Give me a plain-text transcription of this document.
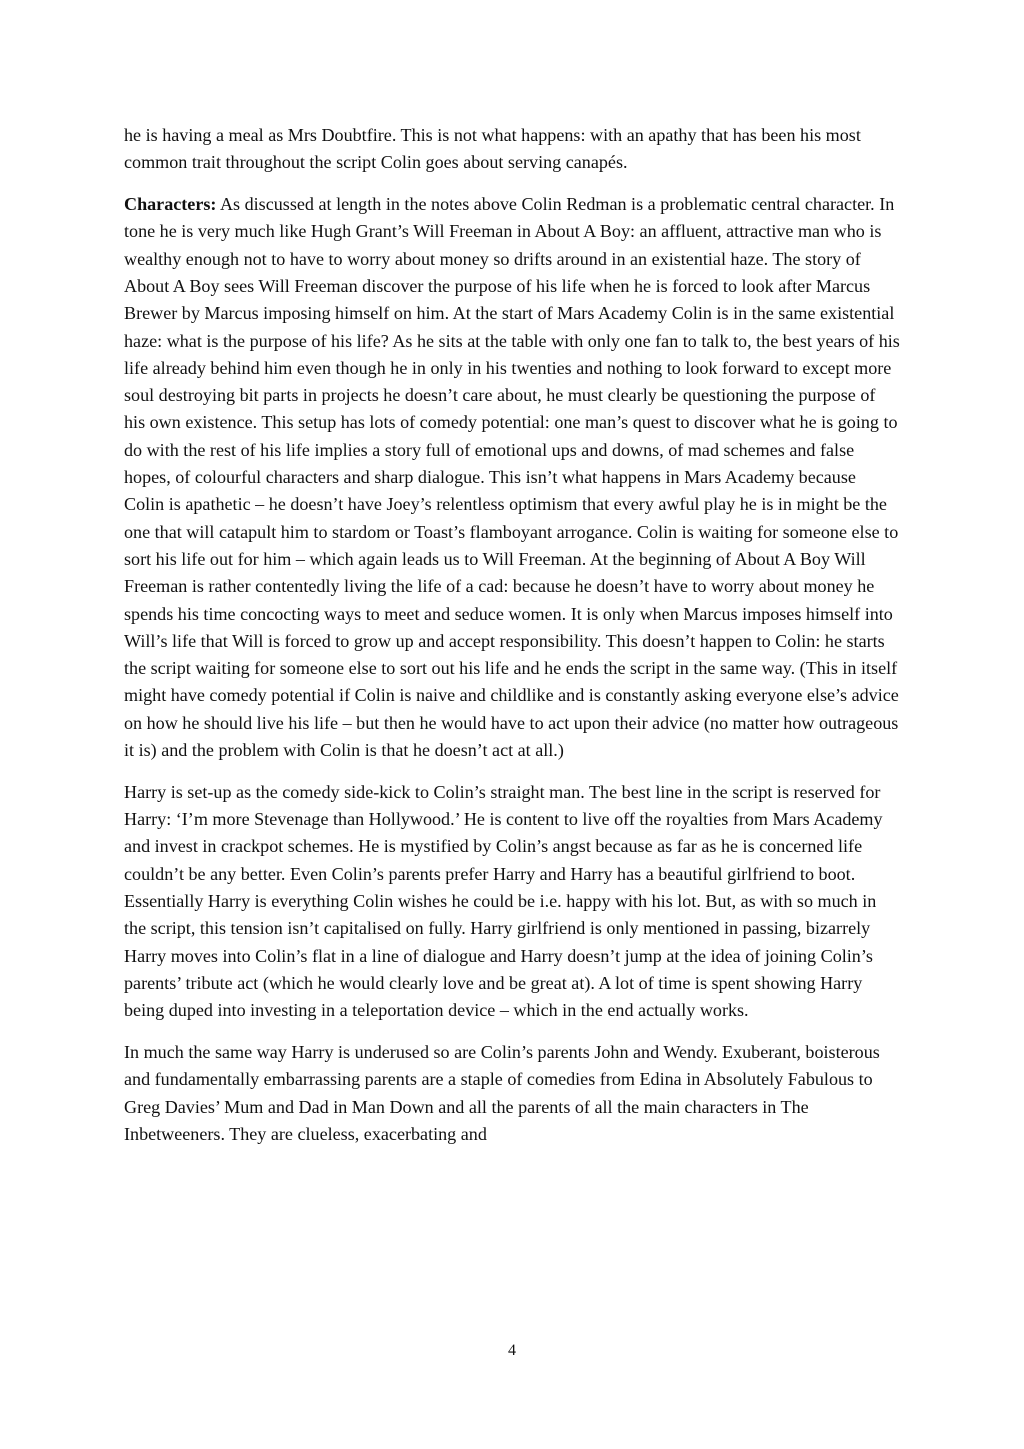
he is having a meal as Mrs Doubtfire. This is not what happens: with an apathy that has been his most common trait throughout the script Colin goes about serving canapés.

Characters: As discussed at length in the notes above Colin Redman is a problematic central character. In tone he is very much like Hugh Grant’s Will Freeman in About A Boy: an affluent, attractive man who is wealthy enough not to have to worry about money so drifts around in an existential haze. The story of About A Boy sees Will Freeman discover the purpose of his life when he is forced to look after Marcus Brewer by Marcus imposing himself on him. At the start of Mars Academy Colin is in the same existential haze: what is the purpose of his life? As he sits at the table with only one fan to talk to, the best years of his life already behind him even though he in only in his twenties and nothing to look forward to except more soul destroying bit parts in projects he doesn’t care about, he must clearly be questioning the purpose of his own existence. This setup has lots of comedy potential: one man’s quest to discover what he is going to do with the rest of his life implies a story full of emotional ups and downs, of mad schemes and false hopes, of colourful characters and sharp dialogue. This isn’t what happens in Mars Academy because Colin is apathetic – he doesn’t have Joey’s relentless optimism that every awful play he is in might be the one that will catapult him to stardom or Toast’s flamboyant arrogance. Colin is waiting for someone else to sort his life out for him – which again leads us to Will Freeman. At the beginning of About A Boy Will Freeman is rather contentedly living the life of a cad: because he doesn’t have to worry about money he spends his time concocting ways to meet and seduce women. It is only when Marcus imposes himself into Will’s life that Will is forced to grow up and accept responsibility. This doesn’t happen to Colin: he starts the script waiting for someone else to sort out his life and he ends the script in the same way. (This in itself might have comedy potential if Colin is naive and childlike and is constantly asking everyone else’s advice on how he should live his life – but then he would have to act upon their advice (no matter how outrageous it is) and the problem with Colin is that he doesn’t act at all.)

Harry is set-up as the comedy side-kick to Colin’s straight man. The best line in the script is reserved for Harry: ‘I’m more Stevenage than Hollywood.’ He is content to live off the royalties from Mars Academy and invest in crackpot schemes. He is mystified by Colin’s angst because as far as he is concerned life couldn’t be any better. Even Colin’s parents prefer Harry and Harry has a beautiful girlfriend to boot. Essentially Harry is everything Colin wishes he could be i.e. happy with his lot. But, as with so much in the script, this tension isn’t capitalised on fully. Harry girlfriend is only mentioned in passing, bizarrely Harry moves into Colin’s flat in a line of dialogue and Harry doesn’t jump at the idea of joining Colin’s parents’ tribute act (which he would clearly love and be great at). A lot of time is spent showing Harry being duped into investing in a teleportation device – which in the end actually works.

In much the same way Harry is underused so are Colin’s parents John and Wendy. Exuberant, boisterous and fundamentally embarrassing parents are a staple of comedies from Edina in Absolutely Fabulous to Greg Davies’ Mum and Dad in Man Down and all the parents of all the main characters in The Inbetweeners. They are clueless, exacerbating and

4
